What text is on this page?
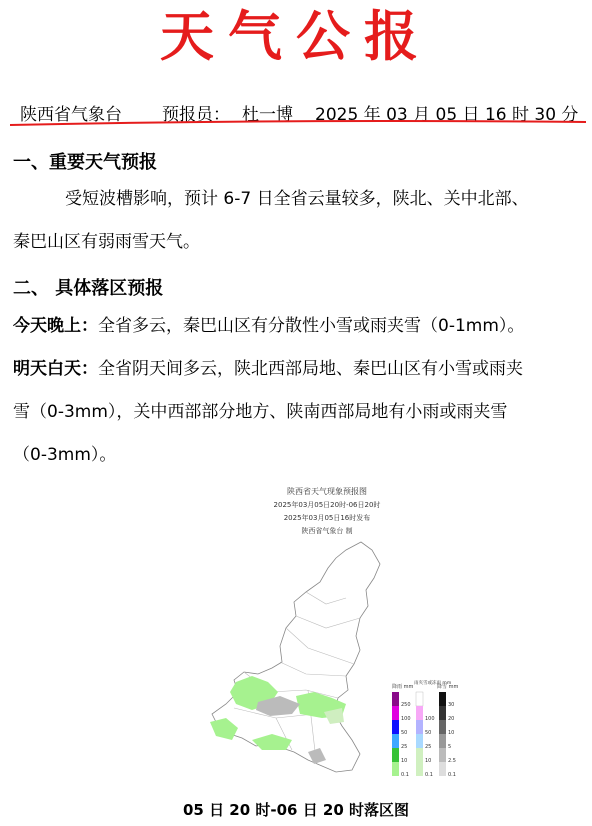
天气公报
陕西省气象台 预报员： 杜一博 2025 年 03 月 05 日 16 时 30 分
一、重要天气预报
受短波槽影响，预计 6-7 日全省云量较多，陕北、关中北部、
秦巴山区有弱雨雪天气。
二、 具体落区预报
今天晚上：全省多云，秦巴山区有分散性小雪或雨夹雪（0-1mm）。
明天白天：全省阴天间多云，陕北西部局地、秦巴山区有小雪或雨夹
雪（0-3mm），关中西部部分地方、陕南西部局地有小雨或雨夹雪
（0-3mm）。
陕西省天气现象预报图
2025年03月05日20时-06日20时
2025年03月05日16时发布
陕西省气象台 制
降雨 mm
250
100
50
25
10
0.1
雨夹雪或冻雨 mm
100
50
25
10
0.1
降雪 mm
30
20
10
5
2.5
0.1
05 日 20 时-06 日 20 时落区图
